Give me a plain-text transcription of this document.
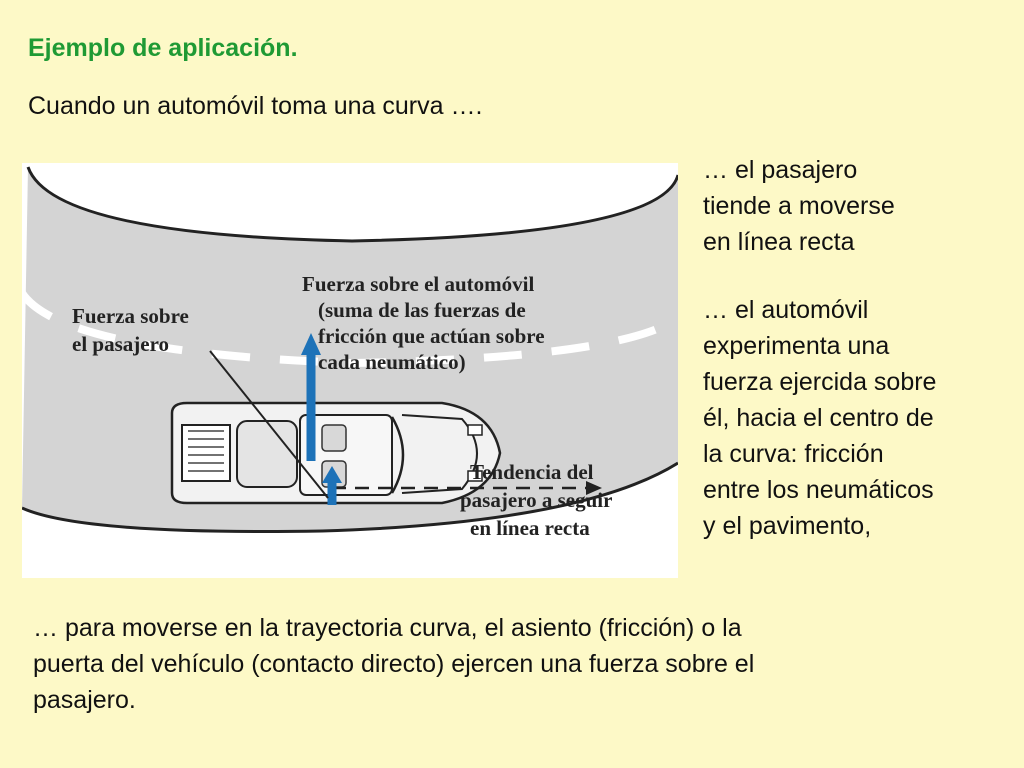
Ejemplo de aplicación.

Cuando un automóvil toma una curva ….

Fuerza sobre el automóvil (suma de las fuerzas de fricción que actúan sobre cada neumático)
Fuerza sobre el pasajero
Tendencia del pasajero a seguir en línea recta

… el pasajero
tiende a moverse
en línea recta

… el automóvil
experimenta una
fuerza ejercida sobre
él, hacia el centro de
la curva: fricción
entre los neumáticos
y el pavimento,

… para moverse en la trayectoria curva, el asiento (fricción) o la
puerta del vehículo (contacto directo) ejercen una fuerza sobre el
pasajero.
